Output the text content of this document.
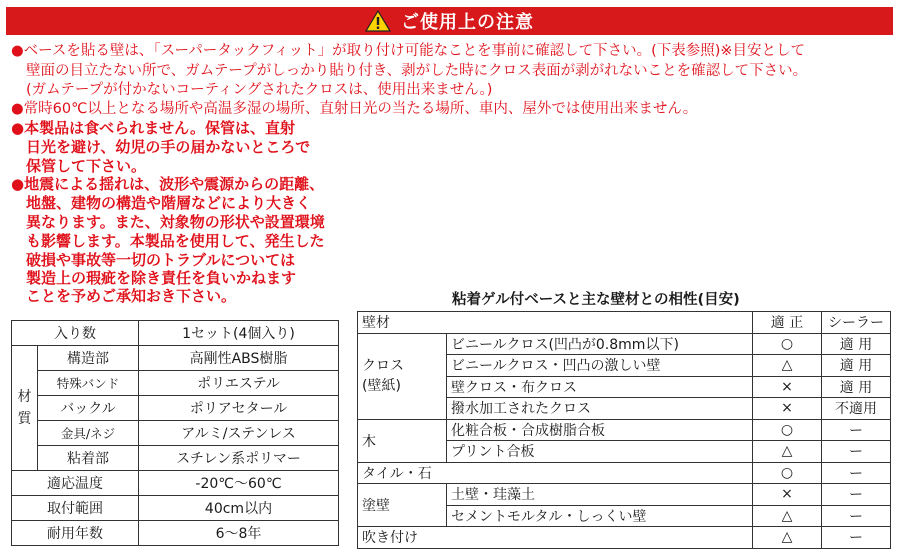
ご使用上の注意
●ベースを貼る壁は、「スーパータックフィット」が取り付け可能なことを事前に確認して下さい。(下表参照)※目安として
壁面の目立たない所で、ガムテープがしっかり貼り付き、剥がした時にクロス表面が剥がれないことを確認して下さい。
(ガムテープが付かないコーティングされたクロスは、使用出来ません。)
●常時60℃以上となる場所や高温多湿の場所、直射日光の当たる場所、車内、屋外では使用出来ません。
●本製品は食べられません。保管は、直射
日光を避け、幼児の手の届かないところで
保管して下さい。
●地震による揺れは、波形や震源からの距離、
地盤、建物の構造や階層などにより大きく
異なります。また、対象物の形状や設置環境
も影響します。本製品を使用して、発生した
破損や事故等一切のトラブルについては
製造上の瑕疵を除き責任を負いかねます
ことを予めご承知おき下さい。
入り数		1セット(4個入り)
材質	構造部	高剛性ABS樹脂
	特殊バンド	ポリエステル
	バックル	ポリアセタール
	金具/ネジ	アルミ/ステンレス
	粘着部	スチレン系ポリマー
適応温度		-20℃〜60℃
取付範囲		40cm以内
耐用年数		6〜8年
粘着ゲル付ベースと主な壁材との相性(目安)
壁材		適 正	シーラー

クロス
(壁紙)	ビニールクロス(凹凸が0.8mm以下)	○	適 用
	ビニールクロス・凹凸の激しい壁	△	適 用
	壁クロス・布クロス	×	適 用
	撥水加工されたクロス	×	不適用
木	化粧合板・合成樹脂合板	○	ー
	プリント合板	△	ー
タイル・石		○	ー
塗壁	土壁・珪藻土	×	ー
	セメントモルタル・しっくい壁	△	ー
吹き付け		△	ー
